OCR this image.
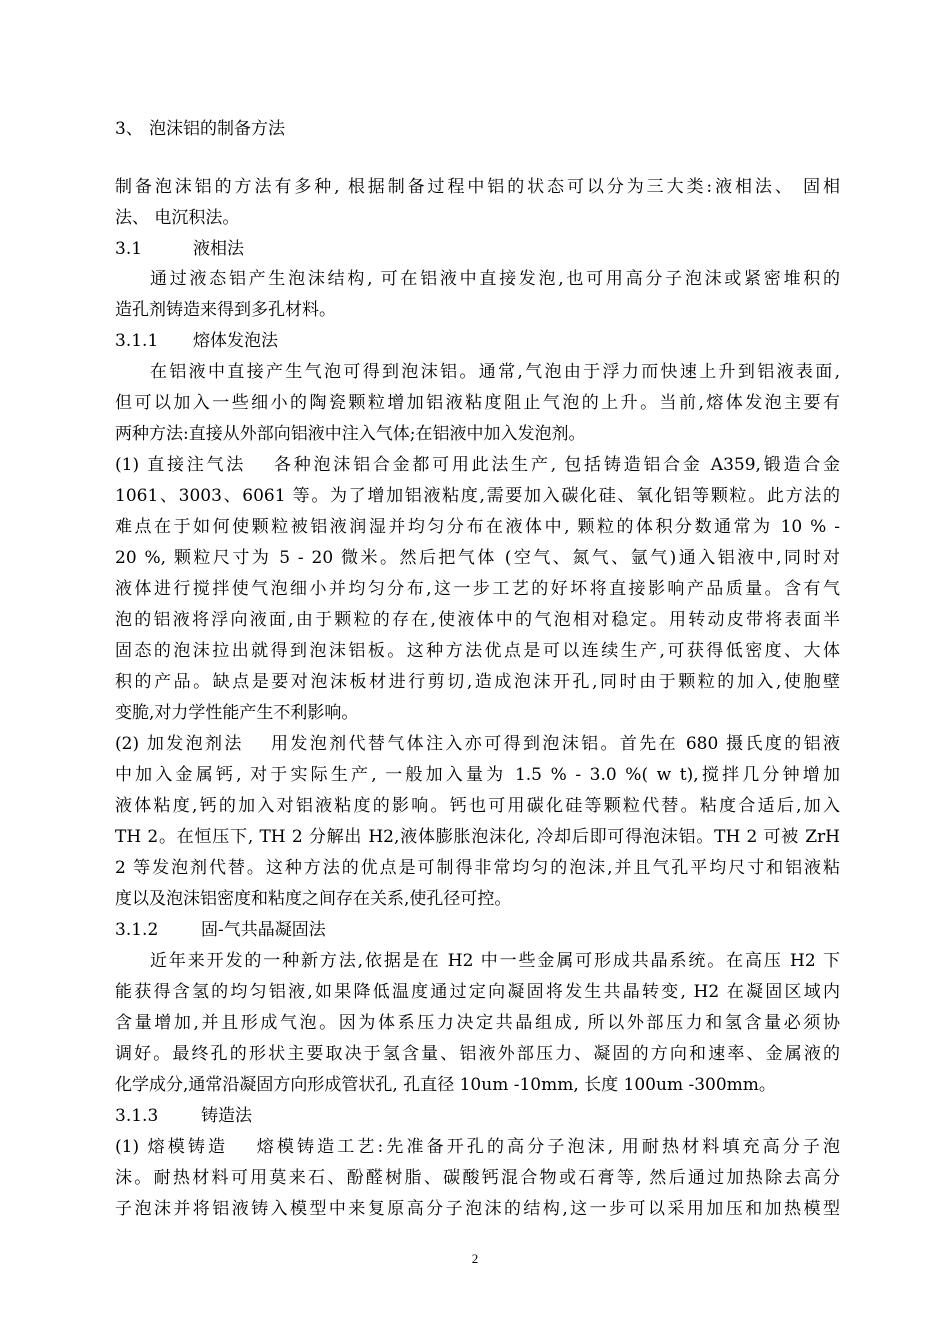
3、 泡沫铝的制备方法
制备泡沫铝的方法有多种, 根据制备过程中铝的状态可以分为三大类:液相法、 固相
法、 电沉积法。
3.1	液相法
通过液态铝产生泡沫结构, 可在铝液中直接发泡,也可用高分子泡沫或紧密堆积的
造孔剂铸造来得到多孔材料。
3.1.1 熔体发泡法
在铝液中直接产生气泡可得到泡沫铝。通常,气泡由于浮力而快速上升到铝液表面,
但可以加入一些细小的陶瓷颗粒增加铝液粘度阻止气泡的上升。当前,熔体发泡主要有
两种方法:直接从外部向铝液中注入气体;在铝液中加入发泡剂。
(1) 直接注气法　 各种泡沫铝合金都可用此法生产, 包括铸造铝合金 A359,锻造合金
1061、3003、6061 等。为了增加铝液粘度,需要加入碳化硅、氧化铝等颗粒。此方法的
难点在于如何使颗粒被铝液润湿并均匀分布在液体中, 颗粒的体积分数通常为 10 % -
20 %, 颗粒尺寸为 5 - 20 微米。然后把气体 (空气、氮气、氩气)通入铝液中,同时对
液体进行搅拌使气泡细小并均匀分布,这一步工艺的好坏将直接影响产品质量。含有气
泡的铝液将浮向液面,由于颗粒的存在,使液体中的气泡相对稳定。用转动皮带将表面半
固态的泡沫拉出就得到泡沫铝板。这种方法优点是可以连续生产,可获得低密度、大体
积的产品。缺点是要对泡沫板材进行剪切,造成泡沫开孔,同时由于颗粒的加入,使胞壁
变脆,对力学性能产生不利影响。
(2) 加发泡剂法　 用发泡剂代替气体注入亦可得到泡沫铝。首先在 680 摄氏度的铝液
中加入金属钙, 对于实际生产, 一般加入量为 1.5 % - 3.0 %( w t),搅拌几分钟增加
液体粘度,钙的加入对铝液粘度的影响。钙也可用碳化硅等颗粒代替。粘度合适后,加入
TH 2。在恒压下, TH 2 分解出 H2,液体膨胀泡沫化, 冷却后即可得泡沫铝。TH 2 可被 ZrH
2 等发泡剂代替。这种方法的优点是可制得非常均匀的泡沫,并且气孔平均尺寸和铝液粘
度以及泡沫铝密度和粘度之间存在关系,使孔径可控。
3.1.2	固-气共晶凝固法
近年来开发的一种新方法,依据是在 H2 中一些金属可形成共晶系统。在高压 H2 下
能获得含氢的均匀铝液,如果降低温度通过定向凝固将发生共晶转变, H2 在凝固区域内
含量增加,并且形成气泡。因为体系压力决定共晶组成, 所以外部压力和氢含量必须协
调好。最终孔的形状主要取决于氢含量、铝液外部压力、凝固的方向和速率、金属液的
化学成分,通常沿凝固方向形成管状孔, 孔直径 10um -10mm, 长度 100um -300mm。
3.1.3	铸造法
(1) 熔模铸造　 熔模铸造工艺:先准备开孔的高分子泡沫, 用耐热材料填充高分子泡
沫。耐热材料可用莫来石、酚醛树脂、碳酸钙混合物或石膏等, 然后通过加热除去高分
子泡沫并将铝液铸入模型中来复原高分子泡沫的结构,这一步可以采用加压和加热模型
2
